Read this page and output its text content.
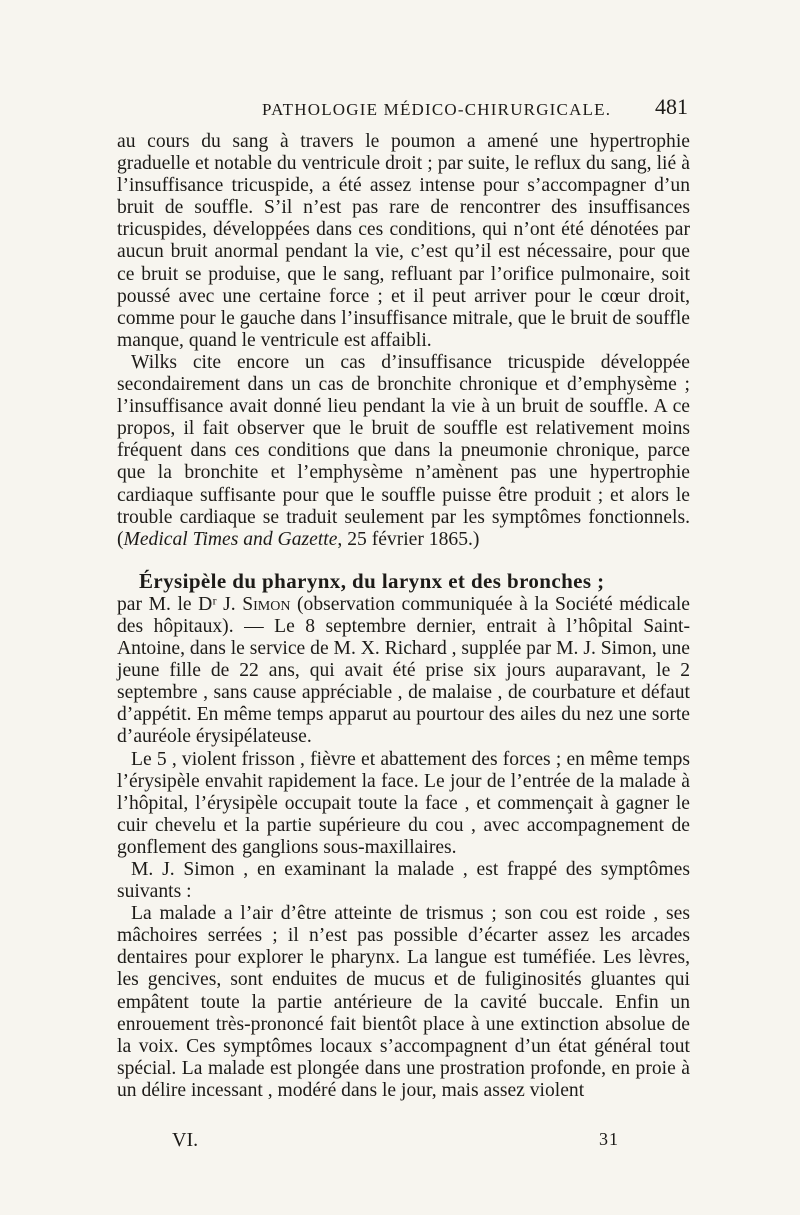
PATHOLOGIE MÉDICO-CHIRURGICALE. 481

au cours du sang à travers le poumon a amené une hypertrophie graduelle et notable du ventricule droit ; par suite, le reflux du sang, lié à l’insuffisance tricuspide, a été assez intense pour s’accompagner d’un bruit de souffle. S’il n’est pas rare de rencontrer des insuffisances tricuspides, développées dans ces conditions, qui n’ont été dénotées par aucun bruit anormal pendant la vie, c’est qu’il est nécessaire, pour que ce bruit se produise, que le sang, refluant par l’orifice pulmonaire, soit poussé avec une certaine force ; et il peut arriver pour le cœur droit, comme pour le gauche dans l’insuffisance mitrale, que le bruit de souffle manque, quand le ventricule est affaibli.

Wilks cite encore un cas d’insuffisance tricuspide développée secondairement dans un cas de bronchite chronique et d’emphysème ; l’insuffisance avait donné lieu pendant la vie à un bruit de souffle. A ce propos, il fait observer que le bruit de souffle est relativement moins fréquent dans ces conditions que dans la pneumonie chronique, parce que la bronchite et l’emphysème n’amènent pas une hypertrophie cardiaque suffisante pour que le souffle puisse être produit ; et alors le trouble cardiaque se traduit seulement par les symptômes fonctionnels. (Medical Times and Gazette, 25 février 1865.)

Érysipèle du pharynx, du larynx et des bronches ;
par M. le Dʳ J. Simon (observation communiquée à la Société médicale des hôpitaux). — Le 8 septembre dernier, entrait à l’hôpital Saint-Antoine, dans le service de M. X. Richard , supplée par M. J. Simon, une jeune fille de 22 ans, qui avait été prise six jours auparavant, le 2 septembre , sans cause appréciable , de malaise , de courbature et défaut d’appétit. En même temps apparut au pourtour des ailes du nez une sorte d’auréole érysipélateuse.

Le 5 , violent frisson , fièvre et abattement des forces ; en même temps l’érysipèle envahit rapidement la face. Le jour de l’entrée de la malade à l’hôpital, l’érysipèle occupait toute la face , et commençait à gagner le cuir chevelu et la partie supérieure du cou , avec accompagnement de gonflement des ganglions sous-maxillaires.

M. J. Simon , en examinant la malade , est frappé des symptômes suivants :

La malade a l’air d’être atteinte de trismus ; son cou est roide , ses mâchoires serrées ; il n’est pas possible d’écarter assez les arcades dentaires pour explorer le pharynx. La langue est tuméfiée. Les lèvres, les gencives, sont enduites de mucus et de fuliginosités gluantes qui empâtent toute la partie antérieure de la cavité buccale. Enfin un enrouement très-prononcé fait bientôt place à une extinction absolue de la voix. Ces symptômes locaux s’accompagnent d’un état général tout spécial. La malade est plongée dans une prostration profonde, en proie à un délire incessant , modéré dans le jour, mais assez violent

VI.	31
